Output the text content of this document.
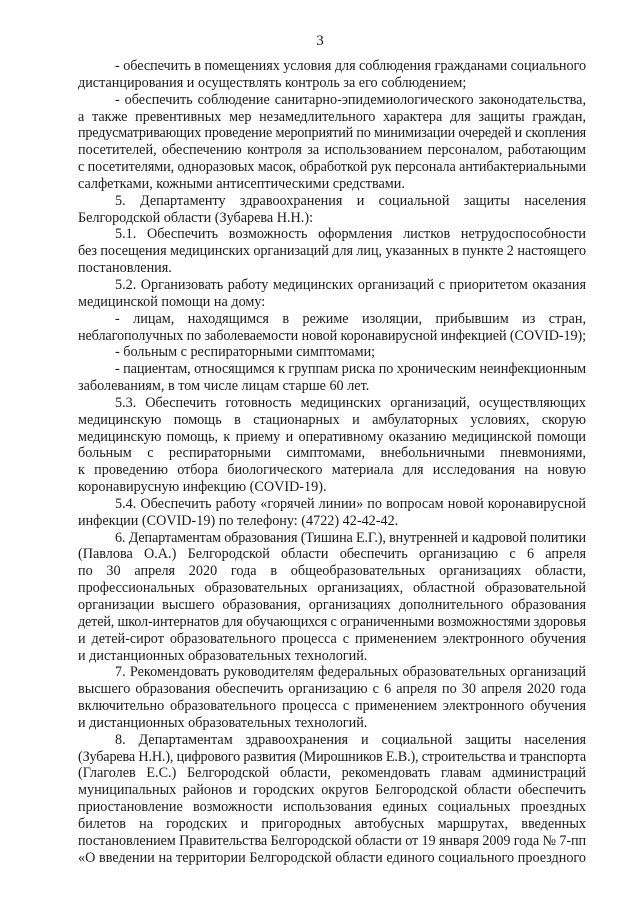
3
- обеспечить в помещениях условия для соблюдения гражданами социального
дистанцирования и осуществлять контроль за его соблюдением;
- обеспечить соблюдение санитарно-эпидемиологического законодательства,
а также превентивных мер незамедлительного характера для защиты граждан,
предусматривающих проведение мероприятий по минимизации очередей и скопления
посетителей, обеспечению контроля за использованием персоналом, работающим
с посетителями, одноразовых масок, обработкой рук персонала антибактериальными
салфетками, кожными антисептическими средствами.
5. Департаменту здравоохранения и социальной защиты населения
Белгородской области (Зубарева Н.Н.):
5.1. Обеспечить возможность оформления листков нетрудоспособности
без посещения медицинских организаций для лиц, указанных в пункте 2 настоящего
постановления.
5.2. Организовать работу медицинских организаций с приоритетом оказания
медицинской помощи на дому:
- лицам, находящимся в режиме изоляции, прибывшим из стран,
неблагополучных по заболеваемости новой коронавирусной инфекцией (COVID-19);
- больным с респираторными симптомами;
- пациентам, относящимся к группам риска по хроническим неинфекционным
заболеваниям, в том числе лицам старше 60 лет.
5.3. Обеспечить готовность медицинских организаций, осуществляющих
медицинскую помощь в стационарных и амбулаторных условиях, скорую
медицинскую помощь, к приему и оперативному оказанию медицинской помощи
больным с респираторными симптомами, внебольничными пневмониями,
к проведению отбора биологического материала для исследования на новую
коронавирусную инфекцию (COVID-19).
5.4. Обеспечить работу «горячей линии» по вопросам новой коронавирусной
инфекции (COVID-19) по телефону: (4722) 42-42-42.
6. Департаментам образования (Тишина Е.Г.), внутренней и кадровой политики
(Павлова О.А.) Белгородской области обеспечить организацию с 6 апреля
по 30 апреля 2020 года в общеобразовательных организациях области,
профессиональных образовательных организациях, областной образовательной
организации высшего образования, организациях дополнительного образования
детей, школ-интернатов для обучающихся с ограниченными возможностями здоровья
и детей-сирот образовательного процесса с применением электронного обучения
и дистанционных образовательных технологий.
7. Рекомендовать руководителям федеральных образовательных организаций
высшего образования обеспечить организацию с 6 апреля по 30 апреля 2020 года
включительно образовательного процесса с применением электронного обучения
и дистанционных образовательных технологий.
8. Департаментам здравоохранения и социальной защиты населения
(Зубарева Н.Н.), цифрового развития (Мирошников Е.В.), строительства и транспорта
(Глаголев Е.С.) Белгородской области, рекомендовать главам администраций
муниципальных районов и городских округов Белгородской области обеспечить
приостановление возможности использования единых социальных проездных
билетов на городских и пригородных автобусных маршрутах, введенных
постановлением Правительства Белгородской области от 19 января 2009 года № 7-пп
«О введении на территории Белгородской области единого социального проездного
